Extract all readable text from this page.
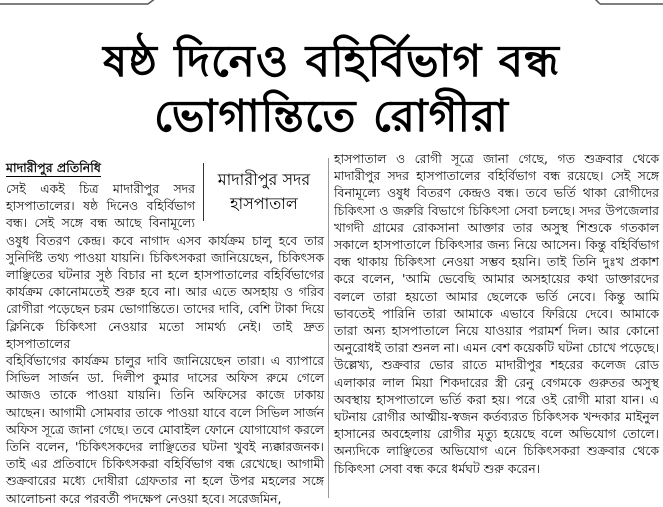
ষষ্ঠ দিনেও বহির্বিভাগ বন্ধ
ভোগান্তিতে রোগীরা
মাদারীপুর প্রতিনিধি
মাদারীপুর সদর
হাসপাতাল

সেই একই চিত্র মাদারীপুর সদর হাসপাতালের। ষষ্ঠ দিনেও বহির্বিভাগ বন্ধ। সেই সঙ্গে বন্ধ আছে বিনামূল্যে ওষুধ বিতরণ কেন্দ্র। কবে নাগাদ এসব কার্যক্রম চালু হবে তার সুনির্দিষ্ট তথ্য পাওয়া যায়নি। চিকিৎসকরা জানিয়েছেন, চিকিৎসক লাঞ্ছিতের ঘটনার সুষ্ঠ বিচার না হলে হাসপাতালের বহির্বিভাগের কার্যক্রম কোনোমতেই শুরু হবে না। আর এতে অসহায় ও গরিব রোগীরা পড়েছেন চরম ভোগান্তিতে। তাদের দাবি, বেশি টাকা দিয়ে ক্লিনিকে চিকিৎসা নেওয়ার মতো সামর্থ্য নেই। তাই দ্রুত হাসপাতালের

বহির্বিভাগের কার্যক্রম চালুর দাবি জানিয়েছেন তারা। এ ব্যাপারে সিভিল সার্জন ডা. দিলীপ কুমার দাসের অফিস রুমে গেলে আজও তাকে পাওয়া যায়নি। তিনি অফিসের কাজে ঢাকায় আছেন। আগামী সোমবার তাকে পাওয়া যাবে বলে সিভিল সার্জন অফিস সূত্রে জানা গেছে। তবে মোবাইল ফোনে যোগাযোগ করলে তিনি বলেন, 'চিকিৎসকদের লাঞ্ছিতের ঘটনা খুবই ন্যক্কারজনক। তাই এর প্রতিবাদে চিকিৎসকরা বহির্বিভাগ বন্ধ রেখেছে। আগামী শুক্রবারের মধ্যে দোষীরা গ্রেফতার না হলে উপর মহলের সঙ্গে আলোচনা করে পরবর্তী পদক্ষেপ নেওয়া হবে। সরেজমিন,

হাসপাতাল ও রোগী সূত্রে জানা গেছে, গত শুক্রবার থেকে মাদারীপুর সদর হাসপাতালের বহির্বিভাগ বন্ধ রয়েছে। সেই সঙ্গে বিনামূল্যে ওষুধ বিতরণ কেন্দ্রও বন্ধ। তবে ভর্তি থাকা রোগীদের চিকিৎসা ও জরুরি বিভাগে চিকিৎসা সেবা চলছে। সদর উপজেলার খাগদী গ্রামের রোকসানা আক্তার তার অসুস্থ শিশুকে গতকাল সকালে হাসপাতালে চিকিৎসার জন্য নিয়ে আসেন। কিন্তু বহির্বিভাগ বন্ধ থাকায় চিকিৎসা নেওয়া সম্ভব হয়নি। তাই তিনি দুঃখ প্রকাশ করে বলেন, 'আমি ভেবেছি আমার অসহায়ের কথা ডাক্তারদের বললে তারা হয়তো আমার ছেলেকে ভর্তি নেবে। কিন্তু আমি ভাবতেই পারিনি তারা আমাকে এভাবে ফিরিয়ে দেবে। আমাকে তারা অন্য হাসপাতালে নিয়ে যাওয়ার পরামর্শ দিল। আর কোনো অনুরোধই তারা শুনল না। এমন বেশ কয়েকটি ঘটনা চোখে পড়েছে। উল্লেখ্য, শুক্রবার ভোর রাতে মাদারীপুর শহরের কলেজ রোড এলাকার লাল মিয়া শিকদারের স্ত্রী রেনু বেগমকে গুরুতর অসুস্থ অবস্থায় হাসপাতালে ভর্তি করা হয়। পরে ওই রোগী মারা যান। এ ঘটনায় রোগীর আত্মীয়-স্বজন কর্তব্যরত চিকিৎসক খন্দকার মাইনুল হাসানের অবহেলায় রোগীর মৃত্যু হয়েছে বলে অভিযোগ তোলে। অন্যদিকে লাঞ্ছিতের অভিযোগ এনে চিকিৎসকরা শুক্রবার থেকে চিকিৎসা সেবা বন্ধ করে ধর্মঘট শুরু করেন।
